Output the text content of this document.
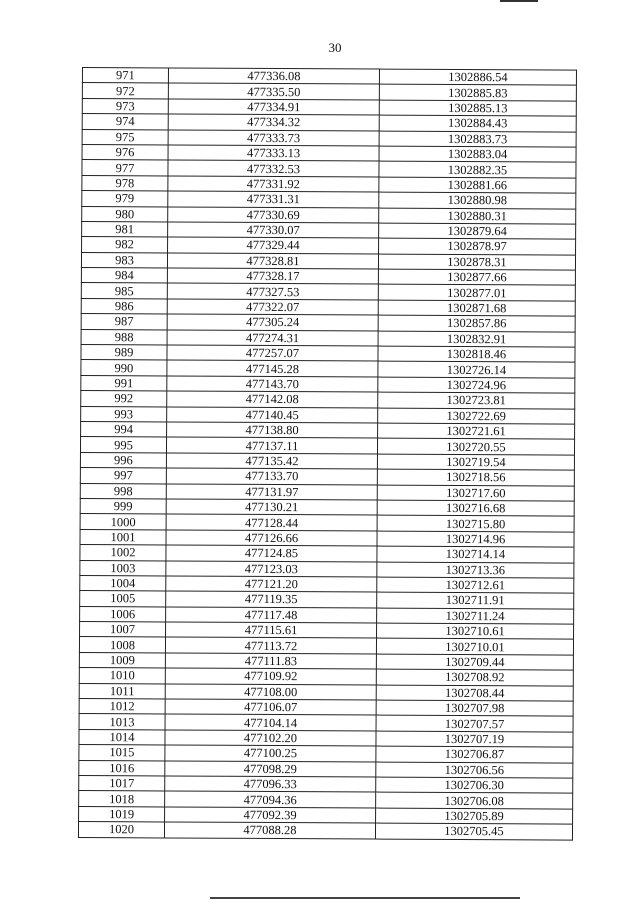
30
971	477336.08	1302886.54
972	477335.50	1302885.83
973	477334.91	1302885.13
974	477334.32	1302884.43
975	477333.73	1302883.73
976	477333.13	1302883.04
977	477332.53	1302882.35
978	477331.92	1302881.66
979	477331.31	1302880.98
980	477330.69	1302880.31
981	477330.07	1302879.64
982	477329.44	1302878.97
983	477328.81	1302878.31
984	477328.17	1302877.66
985	477327.53	1302877.01
986	477322.07	1302871.68
987	477305.24	1302857.86
988	477274.31	1302832.91
989	477257.07	1302818.46
990	477145.28	1302726.14
991	477143.70	1302724.96
992	477142.08	1302723.81
993	477140.45	1302722.69
994	477138.80	1302721.61
995	477137.11	1302720.55
996	477135.42	1302719.54
997	477133.70	1302718.56
998	477131.97	1302717.60
999	477130.21	1302716.68
1000	477128.44	1302715.80
1001	477126.66	1302714.96
1002	477124.85	1302714.14
1003	477123.03	1302713.36
1004	477121.20	1302712.61
1005	477119.35	1302711.91
1006	477117.48	1302711.24
1007	477115.61	1302710.61
1008	477113.72	1302710.01
1009	477111.83	1302709.44
1010	477109.92	1302708.92
1011	477108.00	1302708.44
1012	477106.07	1302707.98
1013	477104.14	1302707.57
1014	477102.20	1302707.19
1015	477100.25	1302706.87
1016	477098.29	1302706.56
1017	477096.33	1302706.30
1018	477094.36	1302706.08
1019	477092.39	1302705.89
1020	477088.28	1302705.45
